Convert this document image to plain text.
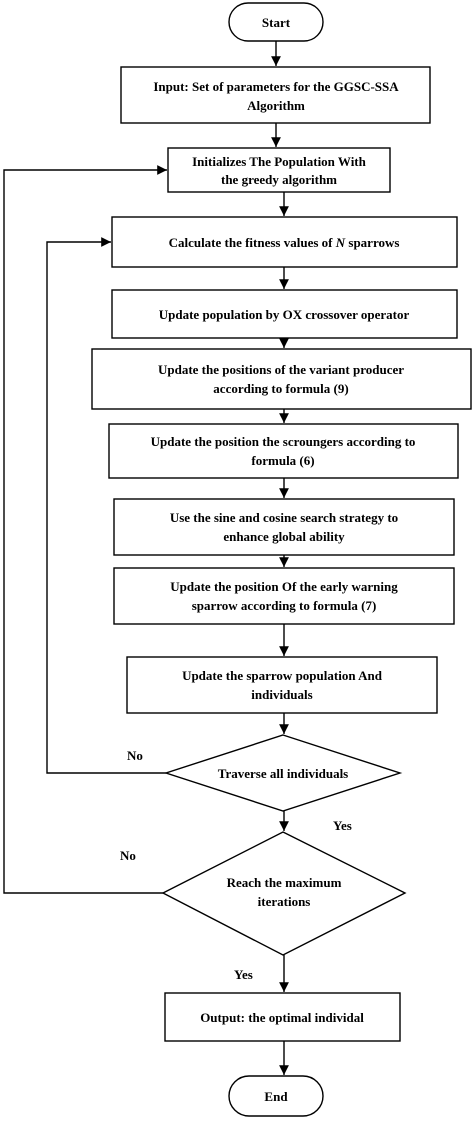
Start
Input: Set of parameters for the GGSC-SSA
Algorithm
Initializes The Population With
the greedy algorithm
Calculate the fitness values of N sparrows
Update population by OX crossover operator
Update the positions of the variant producer
according to formula (9)
Update the position the scroungers according to
formula (6)
Use the sine and cosine search strategy to
enhance global ability
Update the position Of the early warning
sparrow according to formula (7)
Update the sparrow population And
individuals
Traverse all individuals
Reach the maximum
iterations
Output: the optimal individal
End
No
Yes
No
Yes
